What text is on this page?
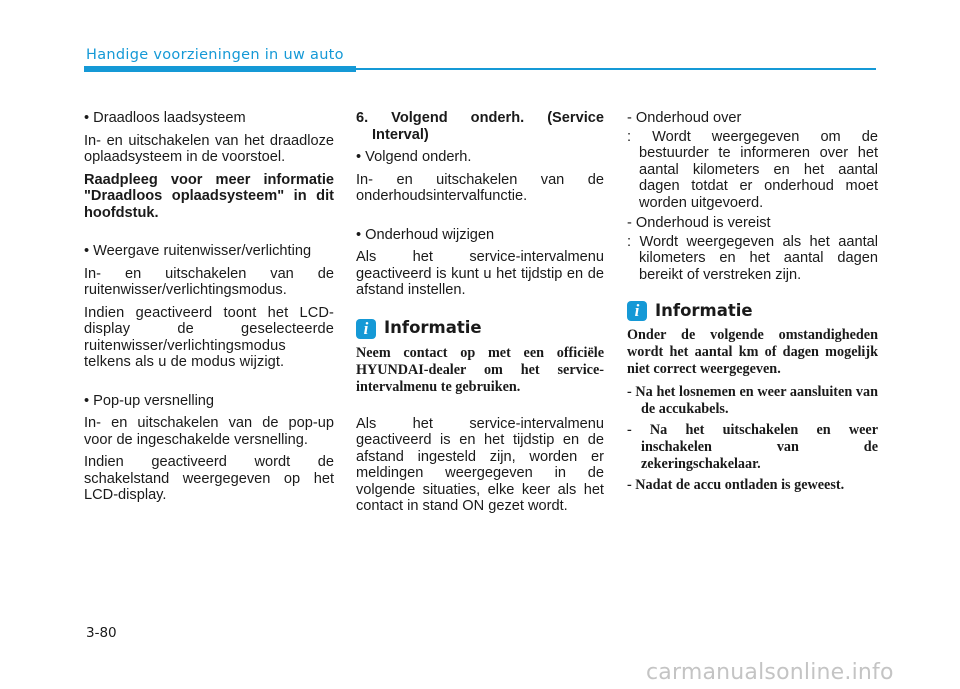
Handige voorzieningen in uw auto

• Draadloos laadsysteem

In- en uitschakelen van het draadloze oplaadsysteem in de voorstoel.

Raadpleeg voor meer informatie "Draadloos oplaadsysteem" in dit hoofdstuk.

• Weergave ruitenwisser/verlichting

In- en uitschakelen van de ruitenwisser/verlichtingsmodus.

Indien geactiveerd toont het LCD-display de geselecteerde ruitenwisser/verlichtingsmodus telkens als u de modus wijzigt.

• Pop-up versnelling

In- en uitschakelen van de pop-up voor de ingeschakelde versnelling.

Indien geactiveerd wordt de schakelstand weergegeven op het LCD-display.

6. Volgend onderh. (Service Interval)

• Volgend onderh.

In- en uitschakelen van de onderhoudsintervalfunctie.

• Onderhoud wijzigen

Als het service-intervalmenu geactiveerd is kunt u het tijdstip en de afstand instellen.

i Informatie

Neem contact op met een officiële HYUNDAI-dealer om het service-intervalmenu te gebruiken.

Als het service-intervalmenu geactiveerd is en het tijdstip en de afstand ingesteld zijn, worden er meldingen weergegeven in de volgende situaties, elke keer als het contact in stand ON gezet wordt.

- Onderhoud over

: Wordt weergegeven om de bestuurder te informeren over het aantal kilometers en het aantal dagen totdat er onderhoud moet worden uitgevoerd.

- Onderhoud is vereist

: Wordt weergegeven als het aantal kilometers en het aantal dagen bereikt of verstreken zijn.

i Informatie

Onder de volgende omstandigheden wordt het aantal km of dagen mogelijk niet correct weergegeven.

- Na het losnemen en weer aansluiten van de accukabels.

- Na het uitschakelen en weer inschakelen van de zekeringschakelaar.

- Nadat de accu ontladen is geweest.

3-80
carmanualsonline.info
